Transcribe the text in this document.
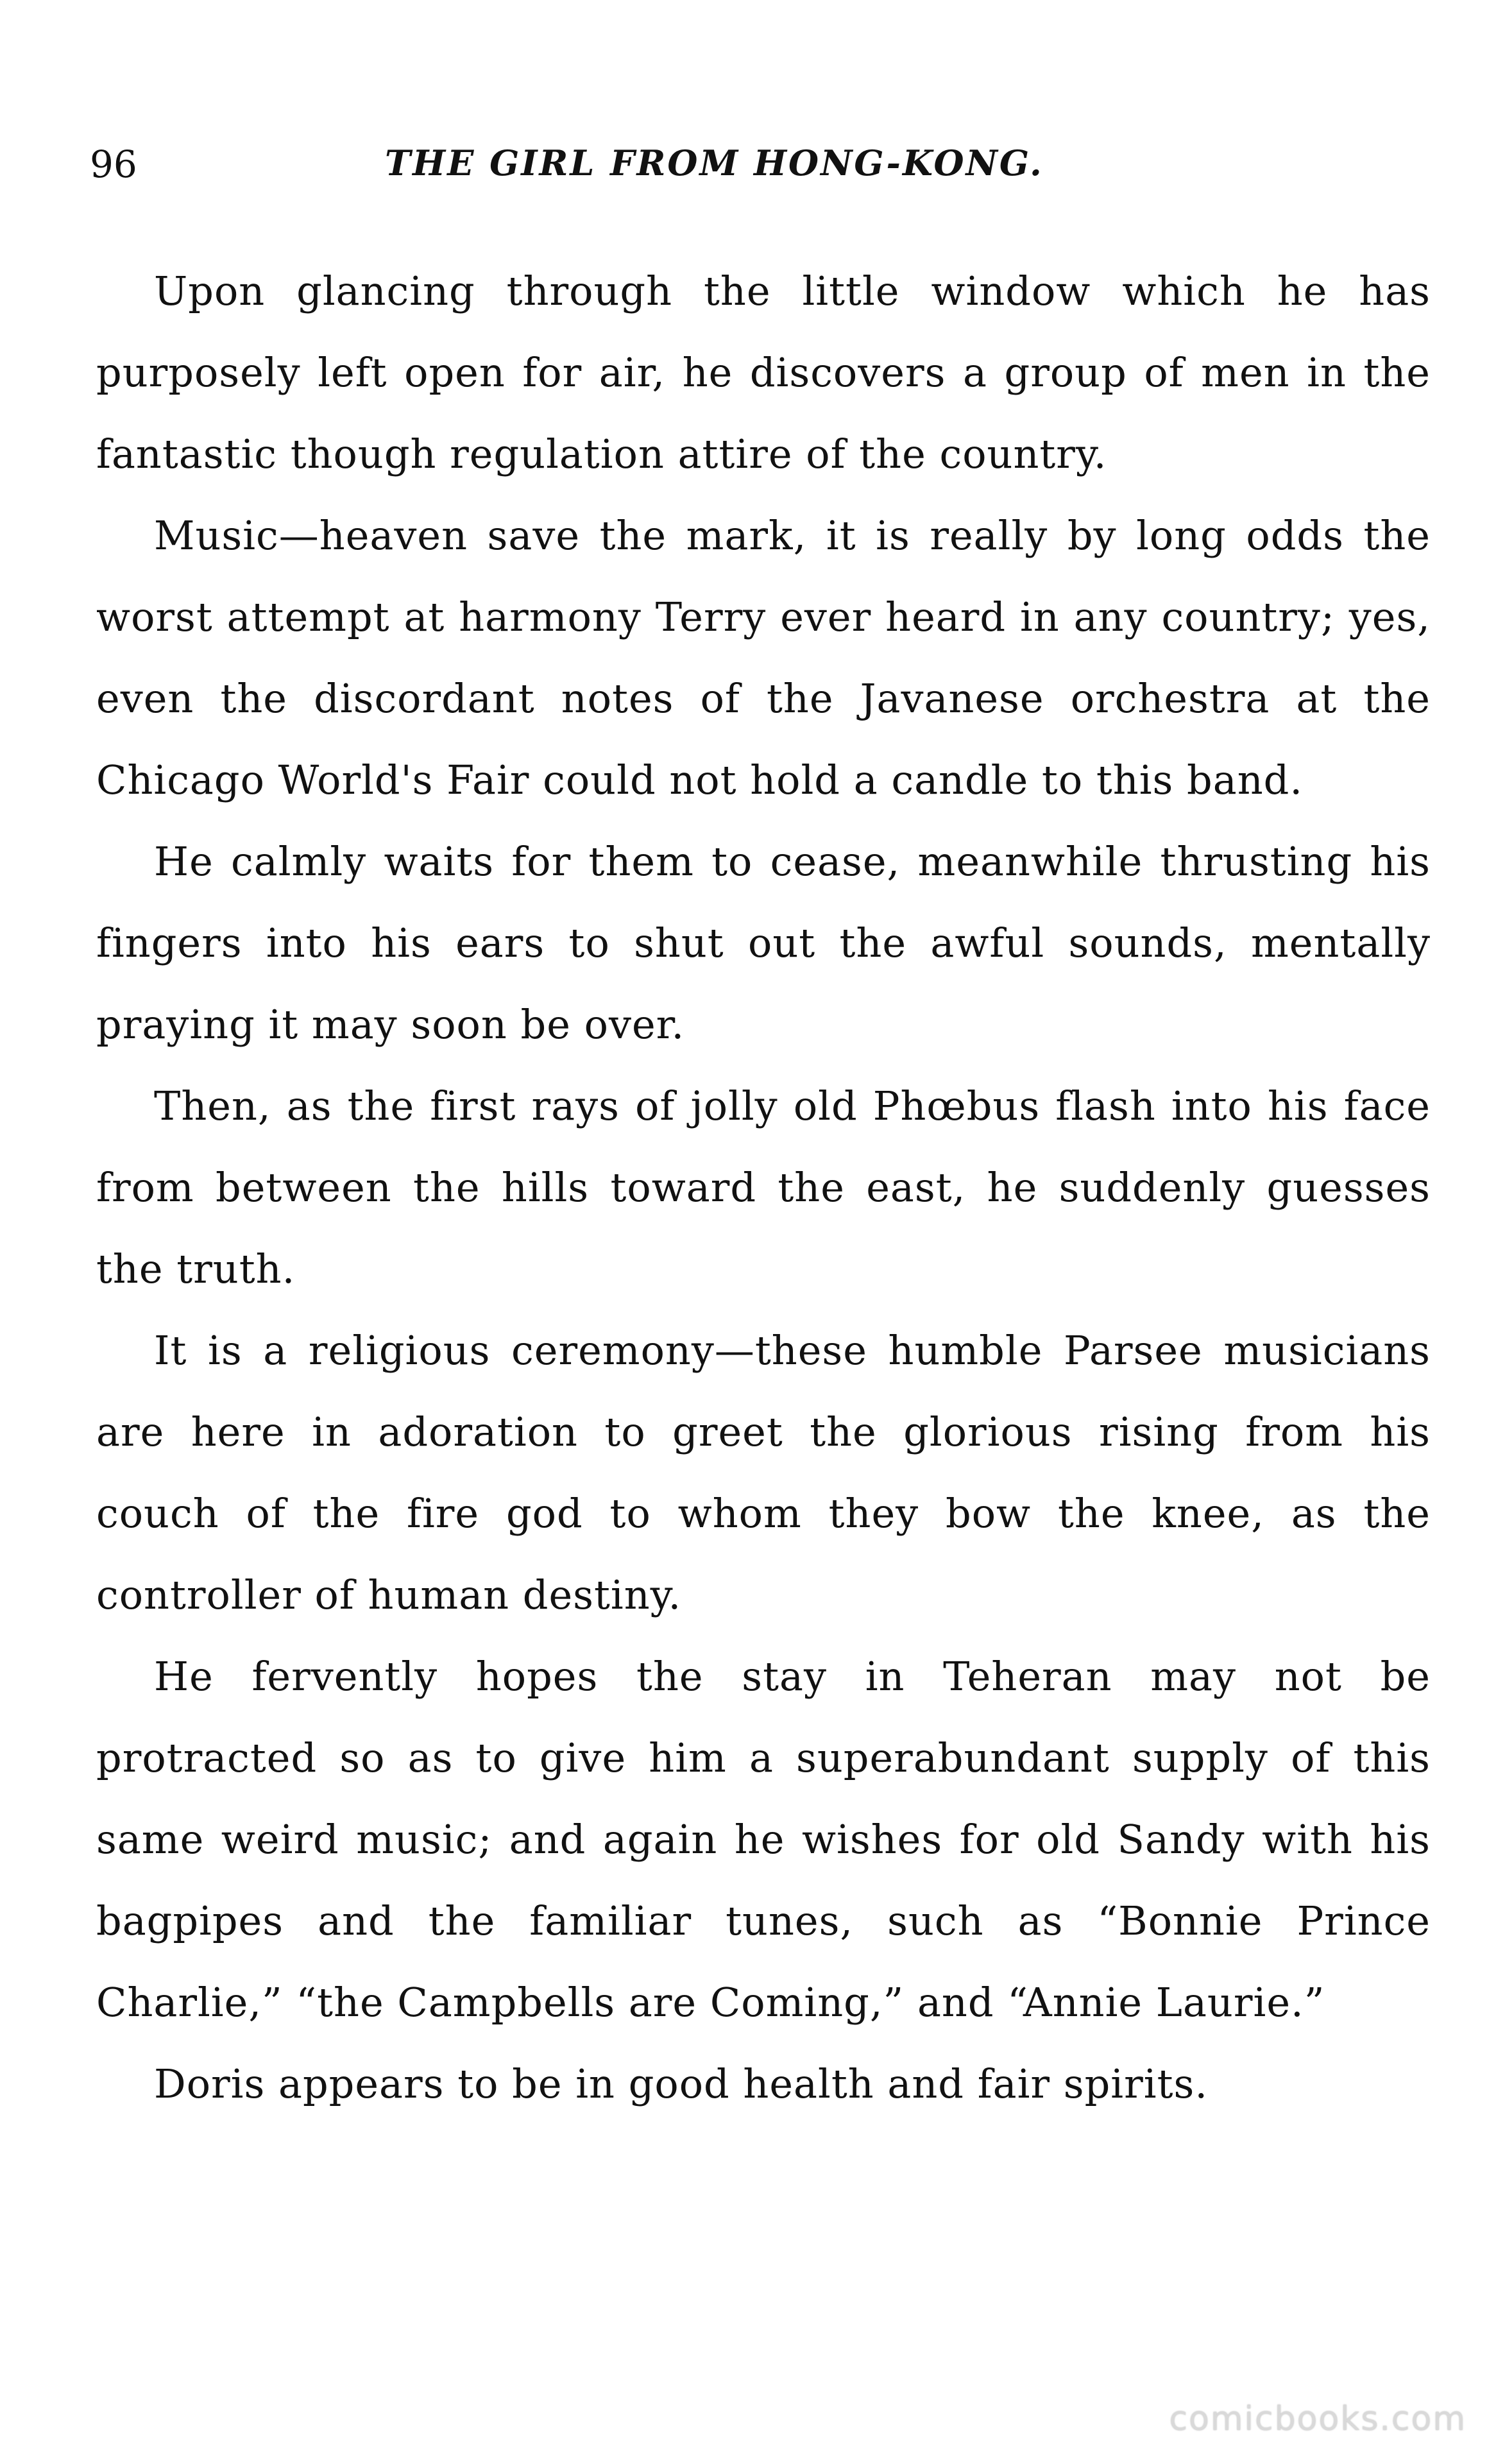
96	THE GIRL FROM HONG-KONG.

Upon glancing through the little window which he has purposely left open for air, he discovers a group of men in the fantastic though regulation attire of the country.

Music—heaven save the mark, it is really by long odds the worst attempt at harmony Terry ever heard in any country; yes, even the discordant notes of the Javanese orchestra at the Chicago World's Fair could not hold a candle to this band.

He calmly waits for them to cease, meanwhile thrusting his fingers into his ears to shut out the awful sounds, mentally praying it may soon be over.

Then, as the first rays of jolly old Phœbus flash into his face from between the hills toward the east, he suddenly guesses the truth.

It is a religious ceremony—these humble Parsee musicians are here in adoration to greet the glorious rising from his couch of the fire god to whom they bow the knee, as the controller of human destiny.

He fervently hopes the stay in Teheran may not be protracted so as to give him a superabundant supply of this same weird music; and again he wishes for old Sandy with his bagpipes and the familiar tunes, such as “Bonnie Prince Charlie,” “the Campbells are Coming,” and “Annie Laurie.”

Doris appears to be in good health and fair spirits.

comicbooks.com
